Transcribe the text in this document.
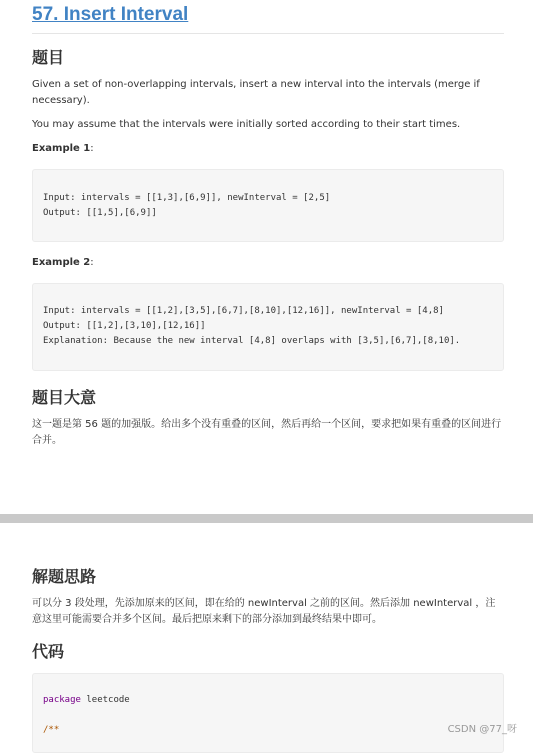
57. Insert Interval
题目
Given a set of non-overlapping intervals, insert a new interval into the intervals (merge if necessary).
You may assume that the intervals were initially sorted according to their start times.
Example 1:
Input: intervals = [[1,3],[6,9]], newInterval = [2,5]
Output: [[1,5],[6,9]]
Example 2:
Input: intervals = [[1,2],[3,5],[6,7],[8,10],[12,16]], newInterval = [4,8]
Output: [[1,2],[3,10],[12,16]]
Explanation: Because the new interval [4,8] overlaps with [3,5],[6,7],[8,10].
题目大意
这一题是第 56 题的加强版。给出多个没有重叠的区间，然后再给一个区间，要求把如果有重叠的区间进行合并。
解题思路
可以分 3 段处理，先添加原来的区间，即在给的 newInterval 之前的区间。然后添加 newInterval ，注意这里可能需要合并多个区间。最后把原来剩下的部分添加到最终结果中即可。
代码
package leetcode
/**	CSDN @77_呀
